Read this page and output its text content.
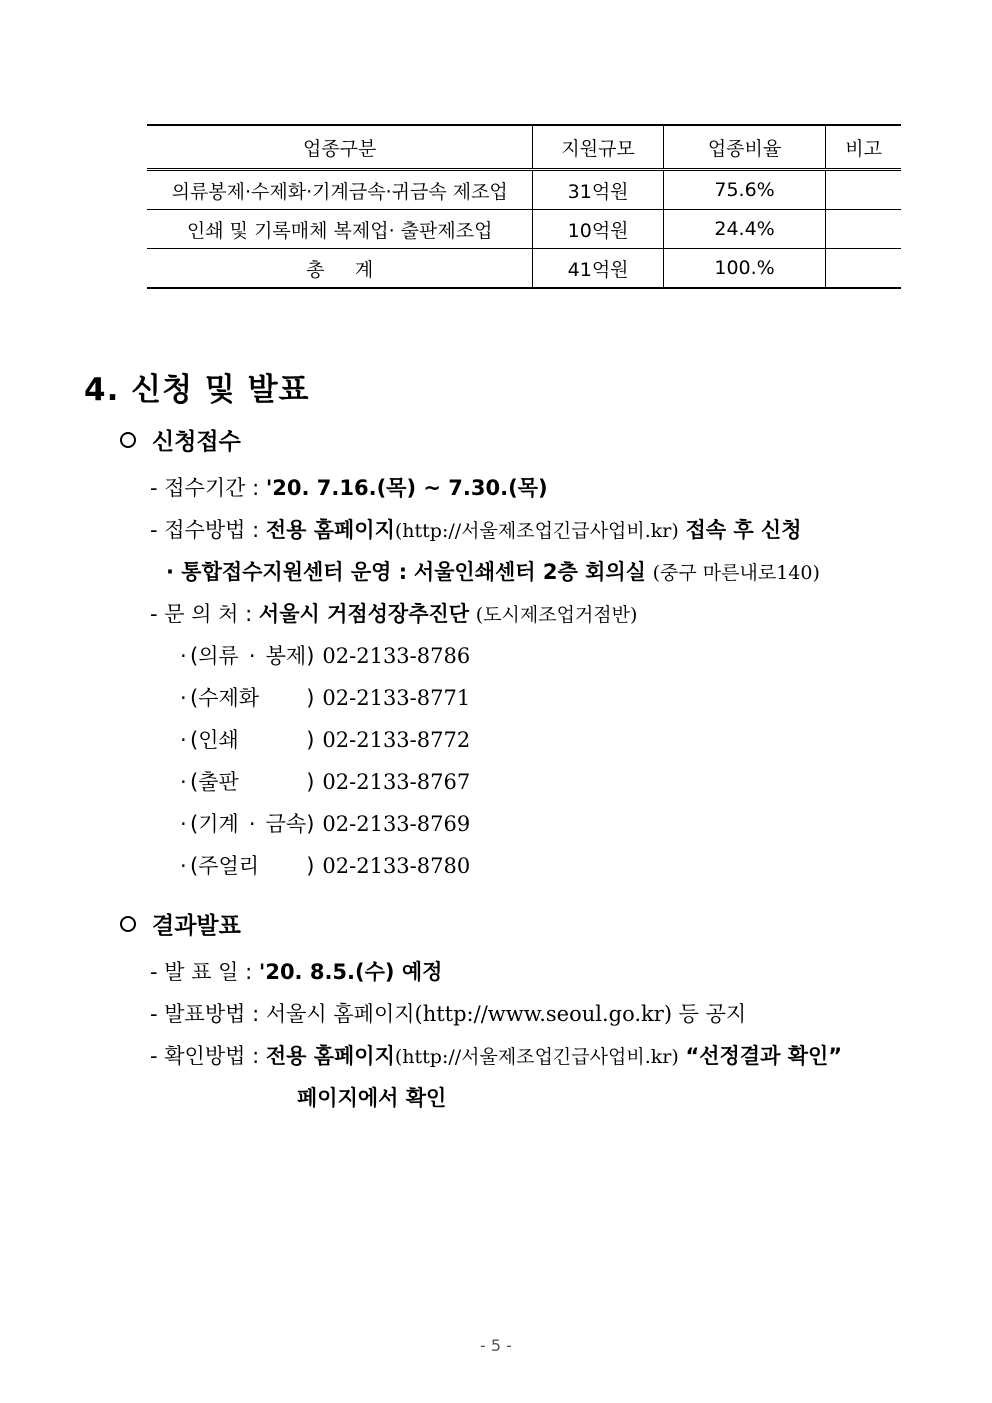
업종구분	지원규모	업종비율	비고
의류봉제·수제화·기계금속·귀금속 제조업	31억원	75.6%	
인쇄 및 기록매체 복제업· 출판제조업	10억원	24.4%	
총계	41억원	100.%	
4. 신청 및 발표
신청접수
- 접수기간 : '20. 7.16.(목) ~ 7.30.(목)
- 접수방법 : 전용 홈페이지(http://서울제조업긴급사업비.kr) 접속 후 신청
· 통합접수지원센터 운영 : 서울인쇄센터 2층 회의실 (중구 마른내로140)
- 문 의 처 : 서울시 거점성장추진단 (도시제조업거점반)
· (의류 · 봉제) 02-2133-8786
· (수제화 ) 02-2133-8771
· (인쇄	) 02-2133-8772
· (출판	) 02-2133-8767
· (기계 · 금속) 02-2133-8769
· (주얼리 ) 02-2133-8780
결과발표
- 발 표 일 : '20. 8.5.(수) 예정
- 발표방법 : 서울시 홈페이지(http://www.seoul.go.kr) 등 공지
- 확인방법 : 전용 홈페이지(http://서울제조업긴급사업비.kr) “선정결과 확인”
페이지에서 확인
- 5 -
